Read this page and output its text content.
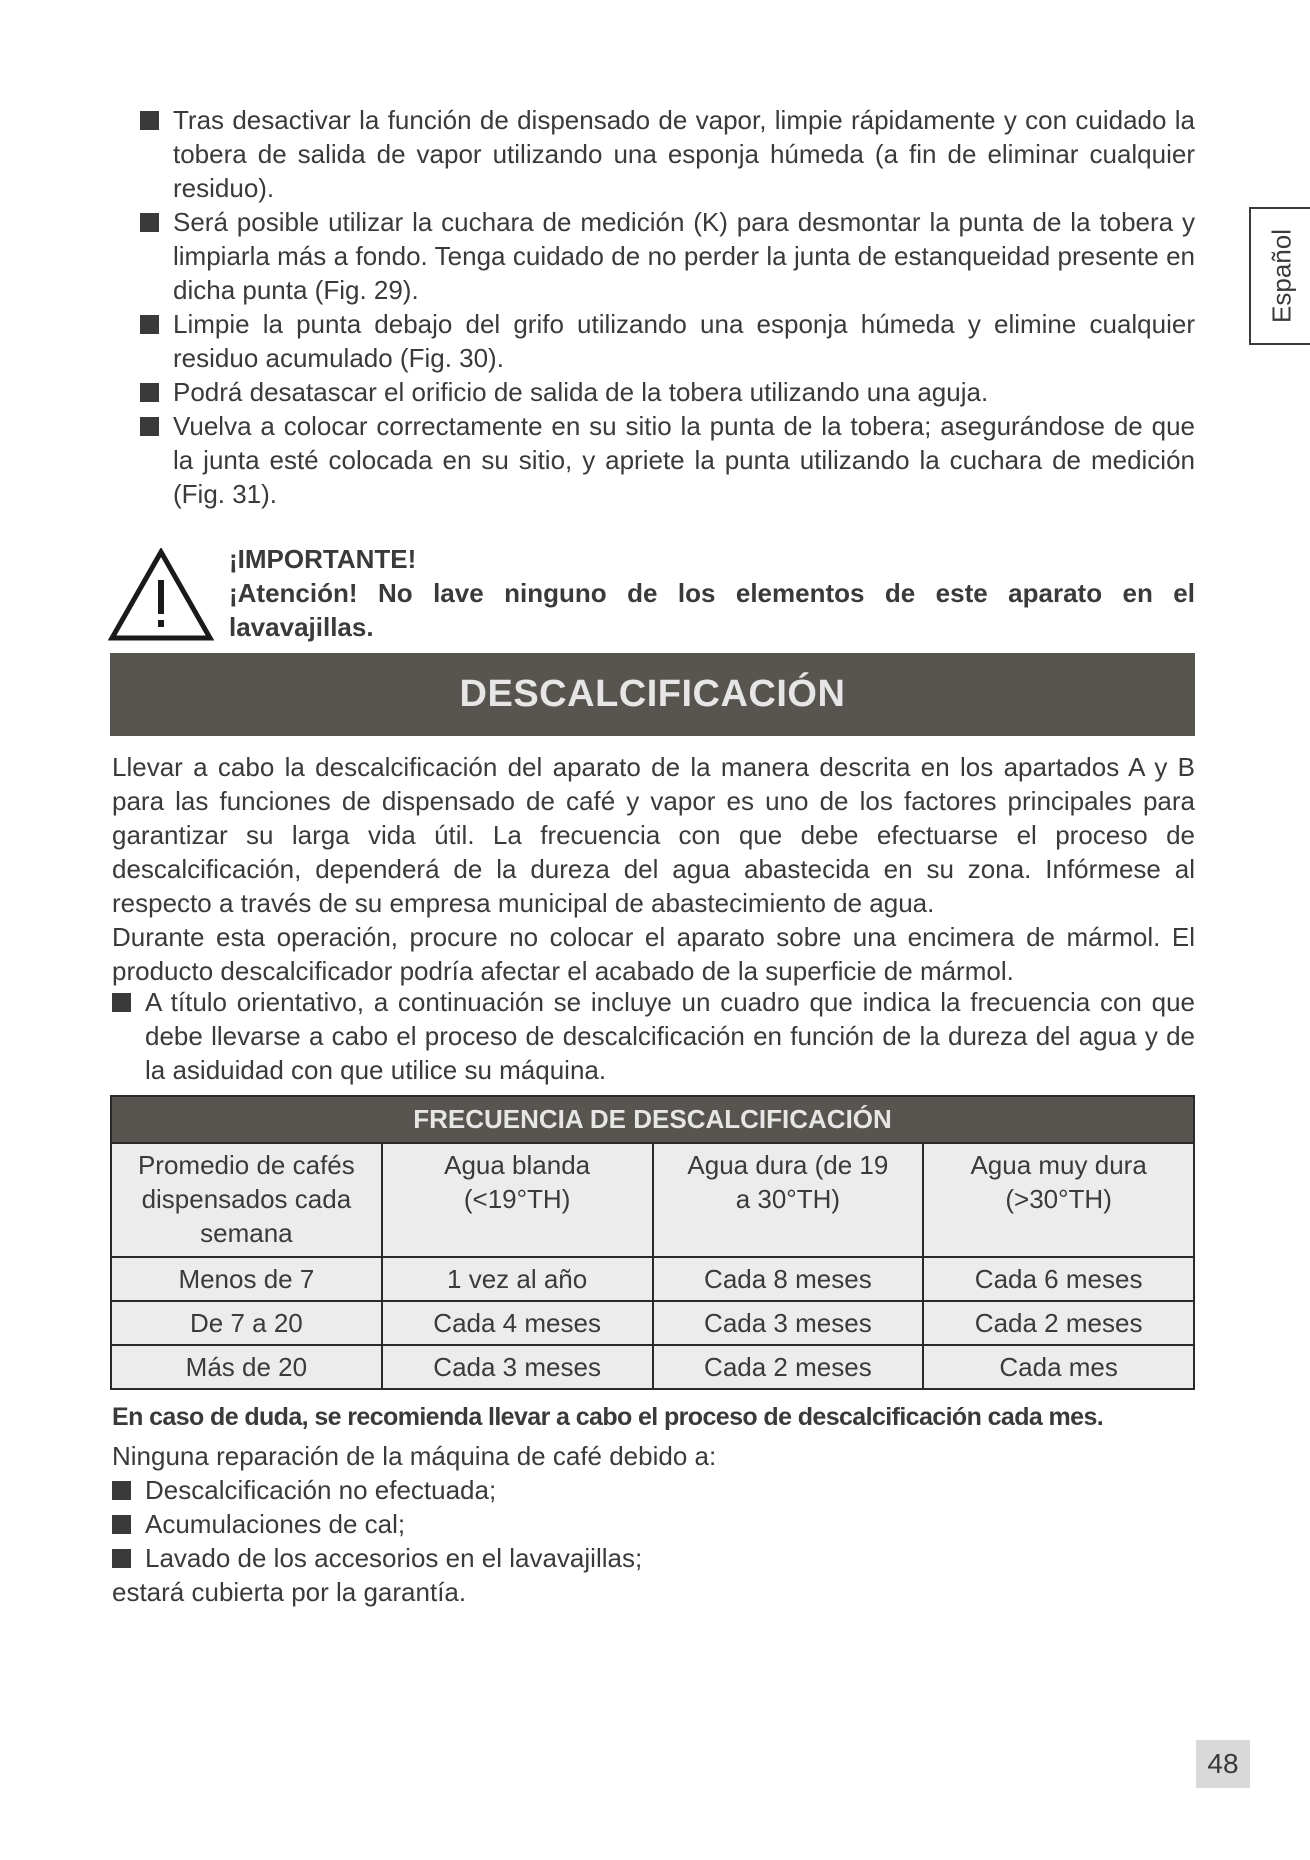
Español
Tras desactivar la función de dispensado de vapor, limpie rápidamente y con cuidado la tobera de salida de vapor utilizando una esponja húmeda (a fin de eliminar cualquier residuo).
Será posible utilizar la cuchara de medición (K) para desmontar la punta de la tobera y limpiarla más a fondo. Tenga cuidado de no perder la junta de estanqueidad presente en dicha punta (Fig. 29).
Limpie la punta debajo del grifo utilizando una esponja húmeda y elimine cualquier residuo acumulado (Fig. 30).
Podrá desatascar el orificio de salida de la tobera utilizando una aguja.
Vuelva a colocar correctamente en su sitio la punta de la tobera; asegurándose de que la junta esté colocada en su sitio, y apriete la punta utilizando la cuchara de medición (Fig. 31).
¡IMPORTANTE!
¡Atención! No lave ninguno de los elementos de este aparato en el lavavajillas.
DESCALCIFICACIÓN

Llevar a cabo la descalcificación del aparato de la manera descrita en los apartados A y B para las funciones de dispensado de café y vapor es uno de los factores principales para garantizar su larga vida útil. La frecuencia con que debe efectuarse el proceso de descalcificación, dependerá de la dureza del agua abastecida en su zona. Infórmese al respecto a través de su empresa municipal de abastecimiento de agua.

Durante esta operación, procure no colocar el aparato sobre una encimera de mármol. El producto descalcificador podría afectar el acabado de la superficie de mármol.

A título orientativo, a continuación se incluye un cuadro que indica la frecuencia con que debe llevarse a cabo el proceso de descalcificación en función de la dureza del agua y de la asiduidad con que utilice su máquina.
FRECUENCIA DE DESCALCIFICACIÓN			
Promedio de cafés dispensados cada semana	Agua blanda (<19°TH)	Agua dura (de 19 a 30°TH)	Agua muy dura (>30°TH)
Menos de 7	1 vez al año	Cada 8 meses	Cada 6 meses
De 7 a 20	Cada 4 meses	Cada 3 meses	Cada 2 meses
Más de 20	Cada 3 meses	Cada 2 meses	Cada mes
En caso de duda, se recomienda llevar a cabo el proceso de descalcificación cada mes.
Ninguna reparación de la máquina de café debido a:
Descalcificación no efectuada;
Acumulaciones de cal;
Lavado de los accesorios en el lavavajillas;
estará cubierta por la garantía.
48
